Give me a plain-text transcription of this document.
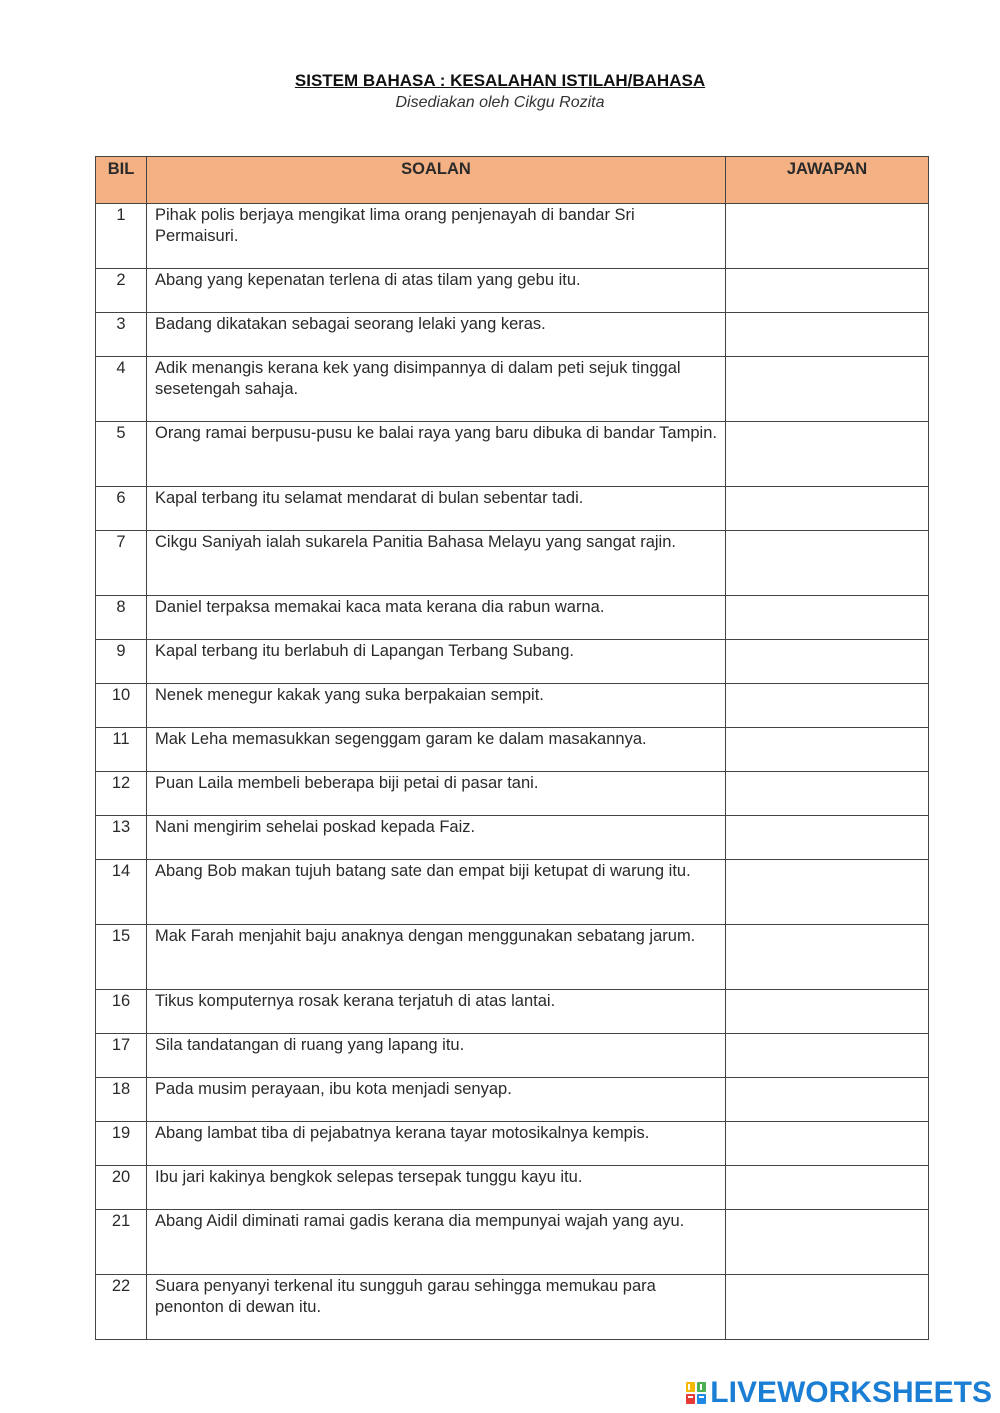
SISTEM BAHASA : KESALAHAN ISTILAH/BAHASA
Disediakan oleh Cikgu Rozita
BIL	SOALAN	JAWAPAN
1	Pihak polis berjaya mengikat lima orang penjenayah di bandar Sri Permaisuri.	
2	Abang yang kepenatan terlena di atas tilam yang gebu itu.	
3	Badang dikatakan sebagai seorang lelaki yang keras.	
4	Adik menangis kerana kek yang disimpannya di dalam peti sejuk tinggal sesetengah sahaja.	
5	Orang ramai berpusu-pusu ke balai raya yang baru dibuka di bandar Tampin.	
6	Kapal terbang itu selamat mendarat di bulan sebentar tadi.	
7	Cikgu Saniyah ialah sukarela Panitia Bahasa Melayu yang sangat rajin.	
8	Daniel terpaksa memakai kaca mata kerana dia rabun warna.	
9	Kapal terbang itu berlabuh di Lapangan Terbang Subang.	
10	Nenek menegur kakak yang suka berpakaian sempit.	
11	Mak Leha memasukkan segenggam garam ke dalam masakannya.	
12	Puan Laila membeli beberapa biji petai di pasar tani.	
13	Nani mengirim sehelai poskad kepada Faiz.	
14	Abang Bob makan tujuh batang sate dan empat biji ketupat di warung itu.	
15	Mak Farah menjahit baju anaknya dengan menggunakan sebatang jarum.	
16	Tikus komputernya rosak kerana terjatuh di atas lantai.	
17	Sila tandatangan di ruang yang lapang itu.	
18	Pada musim perayaan, ibu kota menjadi senyap.	
19	Abang lambat tiba di pejabatnya kerana tayar motosikalnya kempis.	
20	Ibu jari kakinya bengkok selepas tersepak tunggu kayu itu.	
21	Abang Aidil diminati ramai gadis kerana dia mempunyai wajah yang ayu.	
22	Suara penyanyi terkenal itu sungguh garau sehingga memukau para penonton di dewan itu.	
LIVEWORKSHEETS
